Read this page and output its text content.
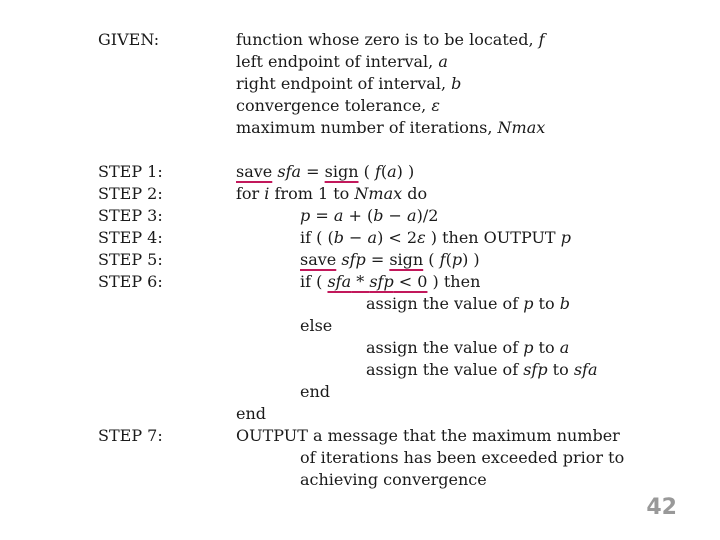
GIVEN:	function whose zero is to be located, f
left endpoint of interval, a
right endpoint of interval, b
convergence tolerance, ε
maximum number of iterations, Nmax
STEP 1:	save sfa = sign ( f(a) )
STEP 2:	for i from 1 to Nmax do
STEP 3:	p = a + (b − a)/2
STEP 4:	if ( (b − a) < 2ε ) then OUTPUT p
STEP 5:	save sfp = sign ( f(p) )
STEP 6:	if ( sfa * sfp < 0 ) then
assign the value of p to b
else
assign the value of p to a
assign the value of sfp to sfa
end
end
STEP 7:	OUTPUT a message that the maximum number
of iterations has been exceeded prior to
achieving convergence
42
